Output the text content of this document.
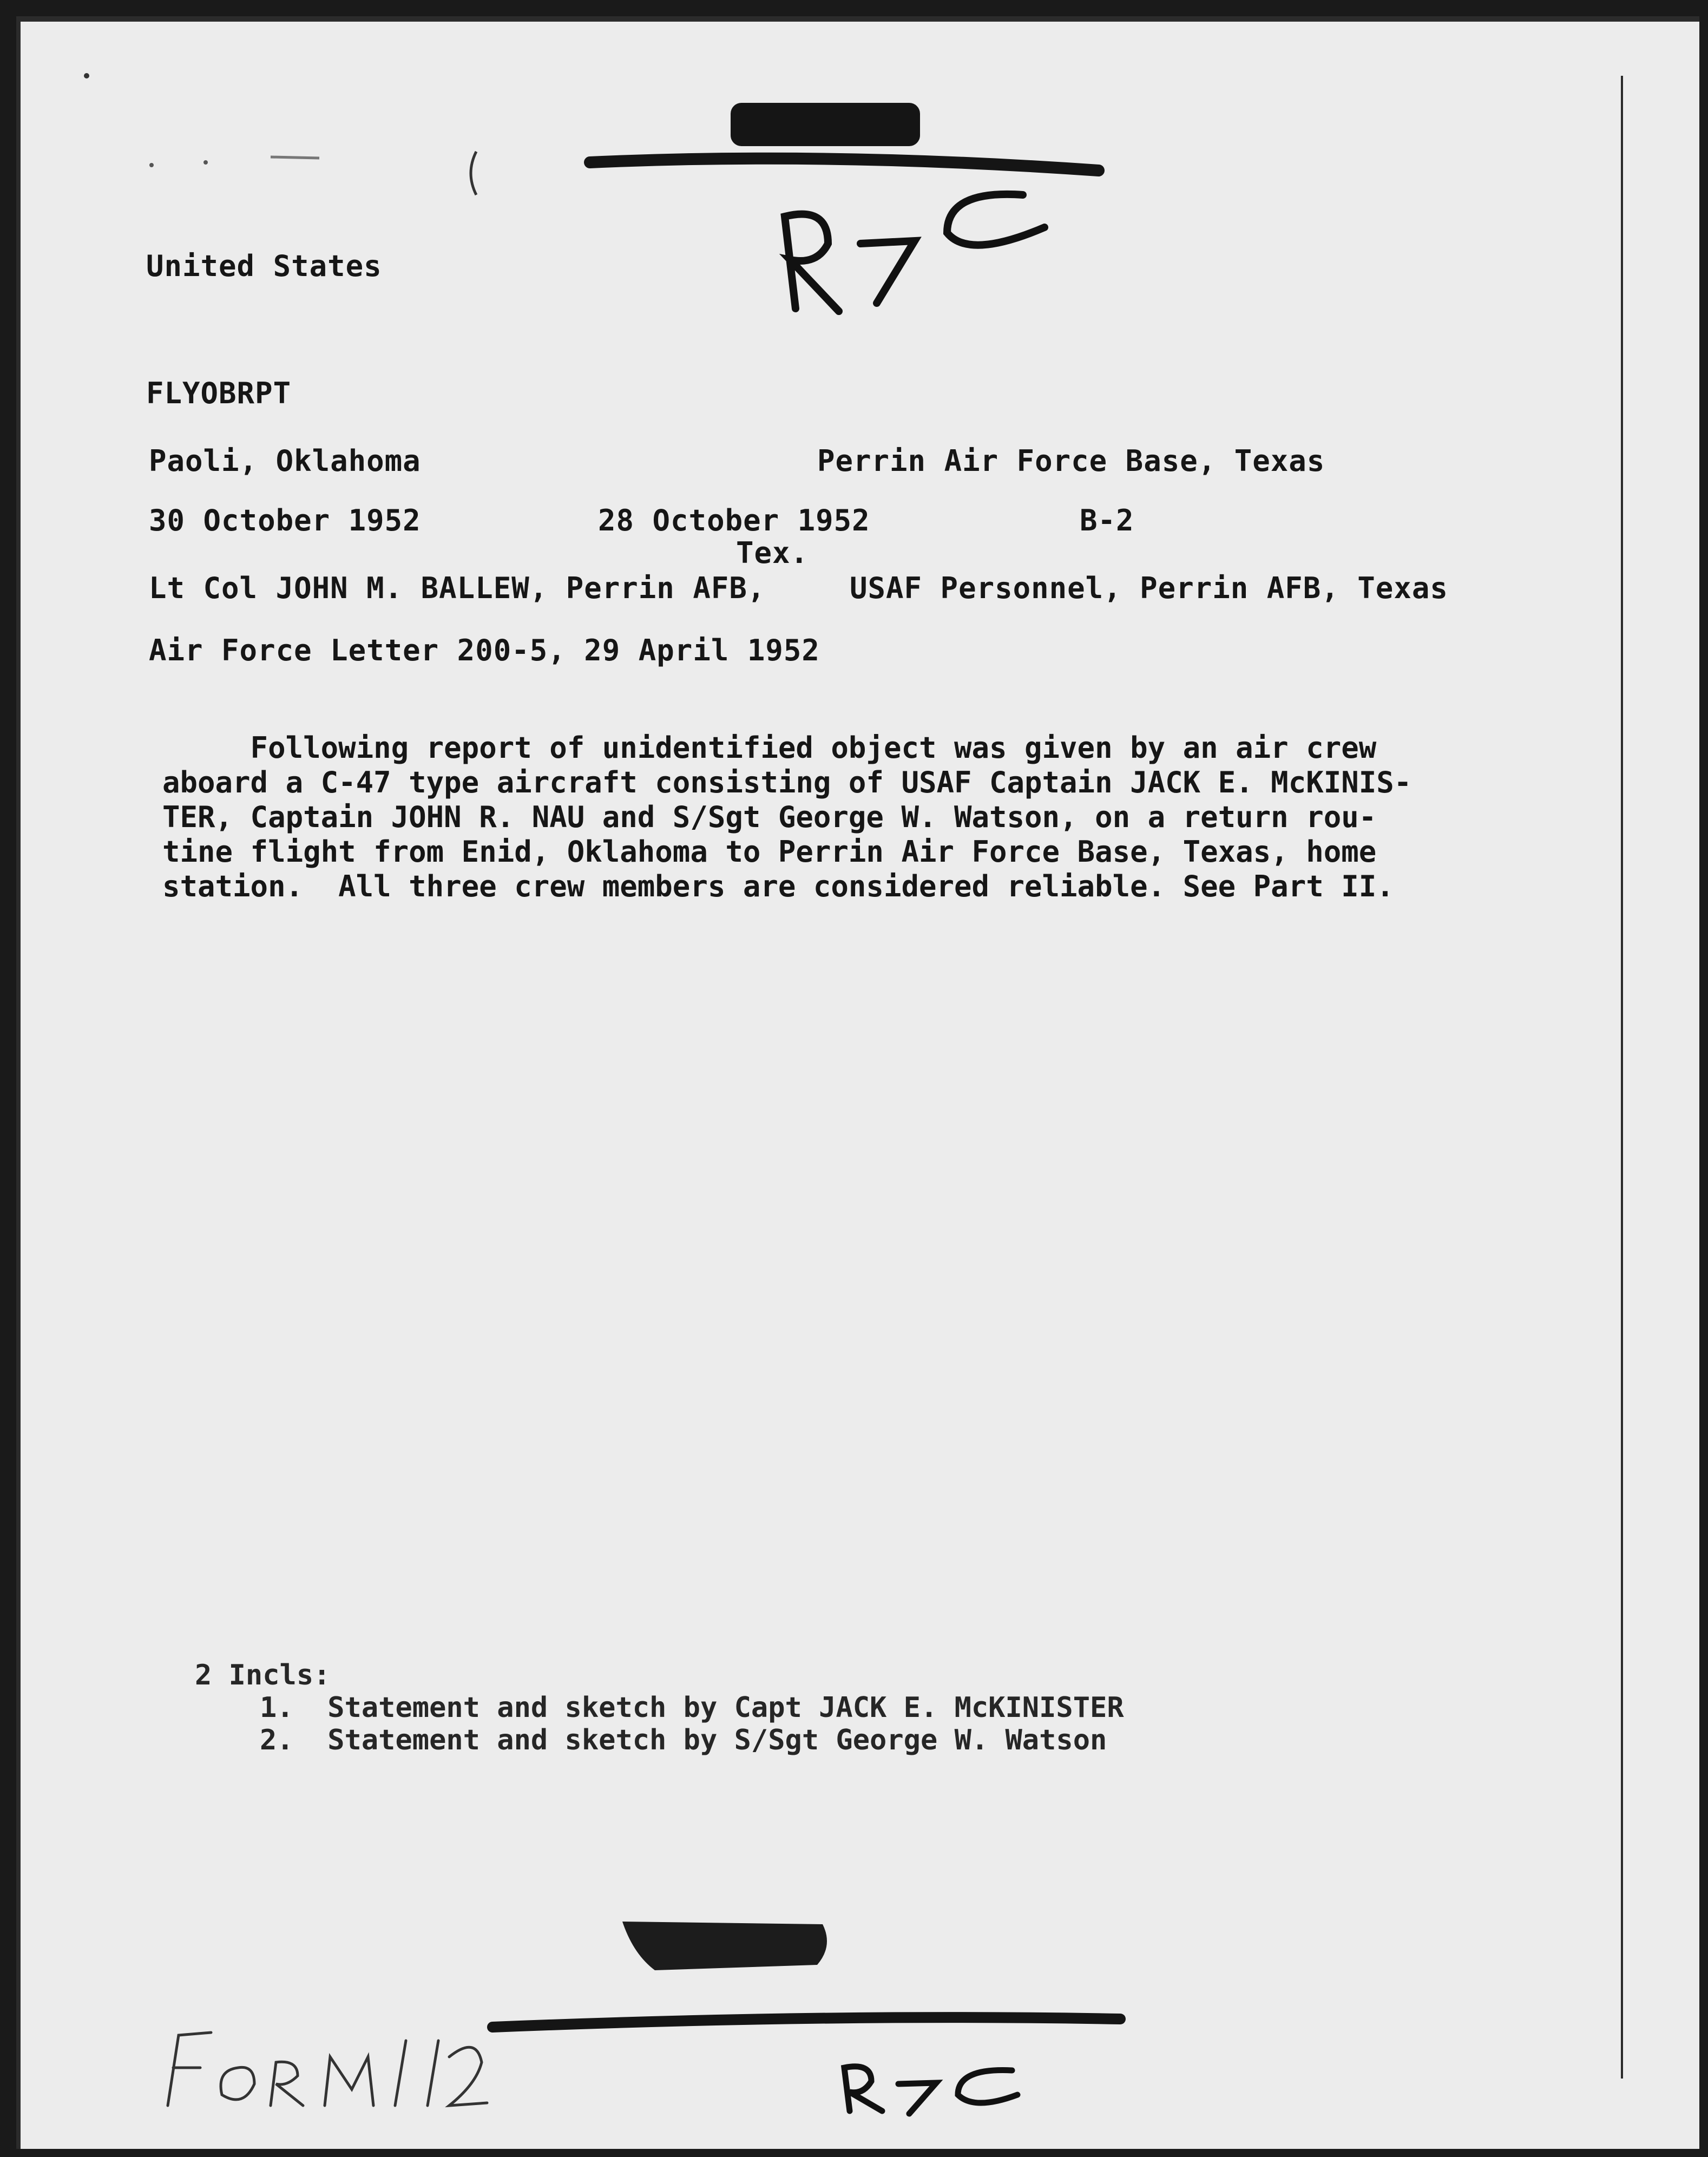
United States
FLYOBRPT
Paoli, Oklahoma	Perrin Air Force Base, Texas
30 October 1952	28 October 1952	B-2
Tex.
Lt Col JOHN M. BALLEW, Perrin AFB,	USAF Personnel, Perrin AFB, Texas
Air Force Letter 200-5, 29 April 1952
Following report of unidentified object was given by an air crew
aboard a C-47 type aircraft consisting of USAF Captain JACK E. McKINIS-
TER, Captain JOHN R. NAU and S/Sgt George W. Watson, on a return rou-
tine flight from Enid, Oklahoma to Perrin Air Force Base, Texas, home
station.  All three crew members are considered reliable. See Part II.
2 Incls:
1.  Statement and sketch by Capt JACK E. McKINISTER
2.  Statement and sketch by S/Sgt George W. Watson
